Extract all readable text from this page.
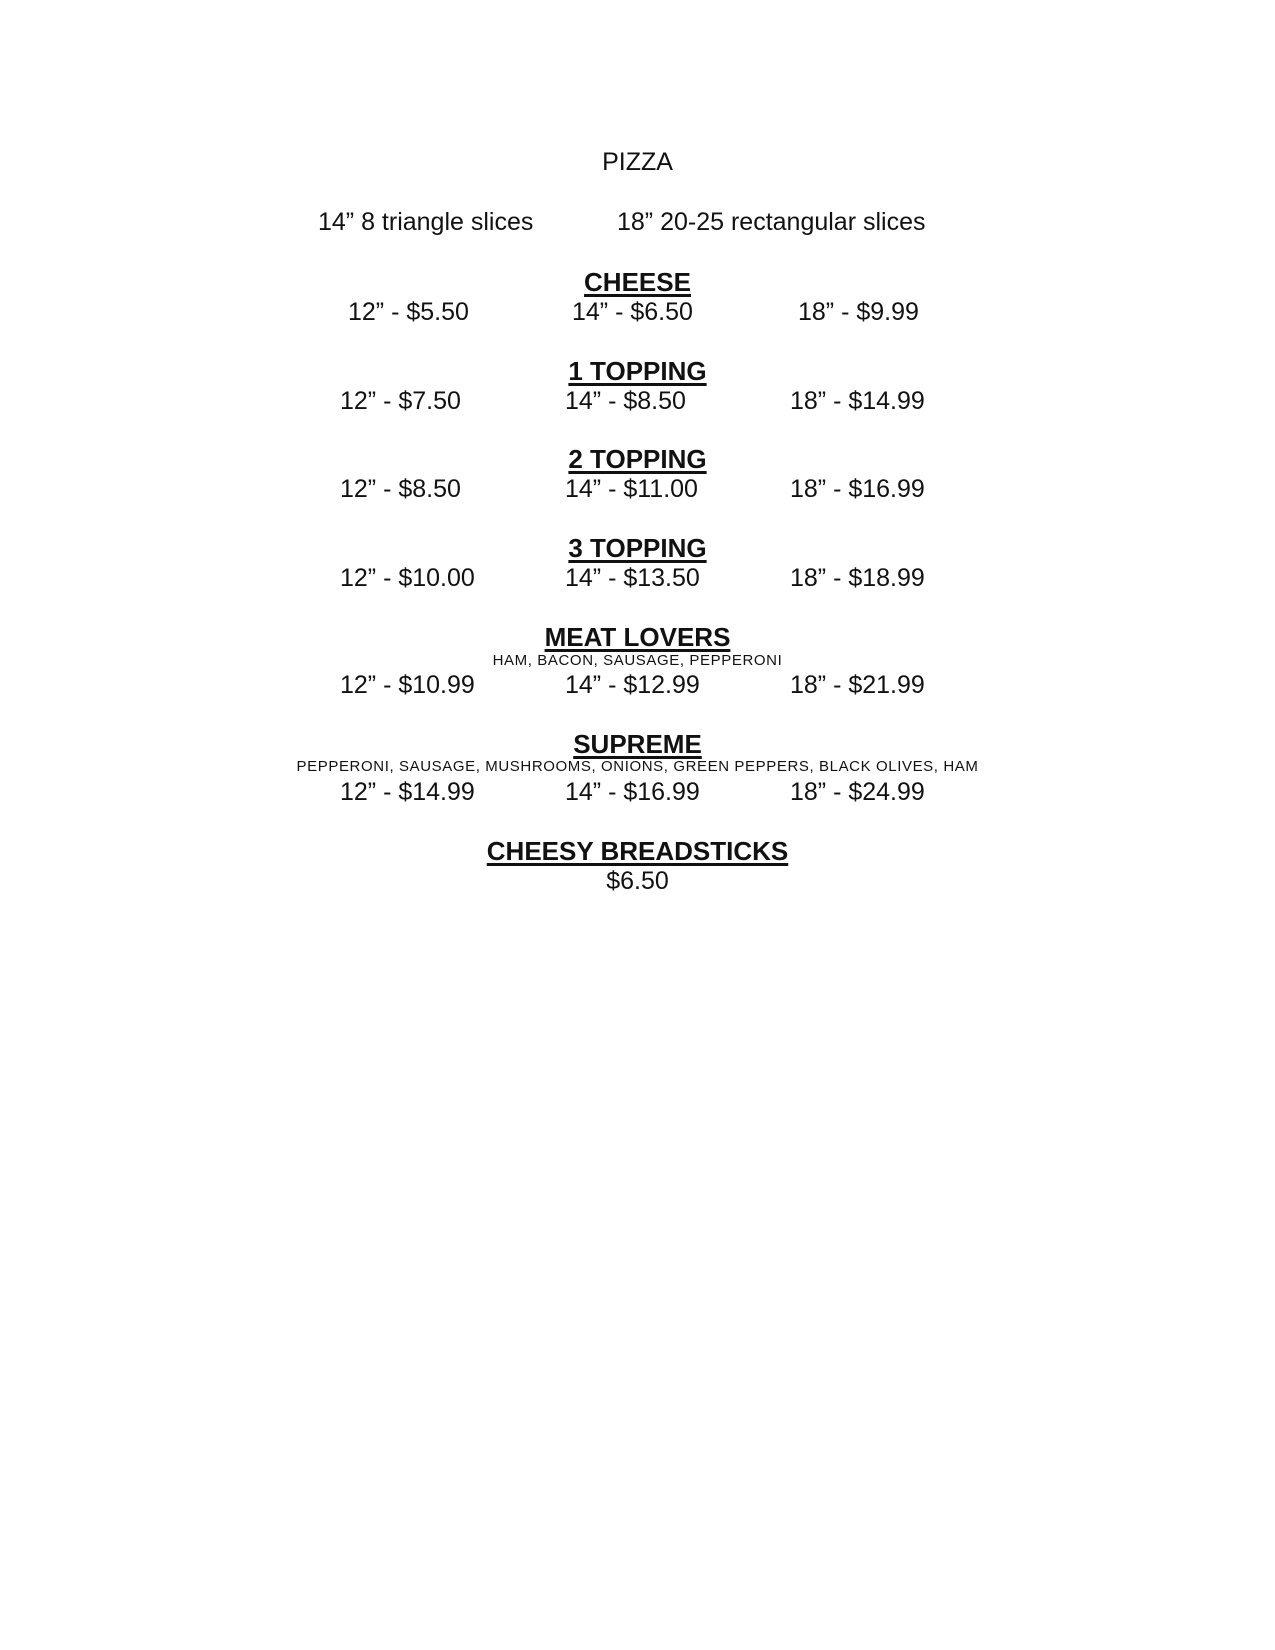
PIZZA
14” 8 triangle slices	18” 20-25 rectangular slices
CHEESE
12” - $5.50	14” - $6.50	18” - $9.99
1 TOPPING
12” - $7.50	14” - $8.50	18” - $14.99
2 TOPPING
12” - $8.50	14” - $11.00	18” - $16.99
3 TOPPING
12” - $10.00	14” - $13.50	18” - $18.99
MEAT LOVERS
HAM, BACON, SAUSAGE, PEPPERONI
12” - $10.99	14” - $12.99	18” - $21.99
SUPREME
PEPPERONI, SAUSAGE, MUSHROOMS, ONIONS, GREEN PEPPERS, BLACK OLIVES, HAM
12” - $14.99	14” - $16.99	18” - $24.99
CHEESY BREADSTICKS
$6.50
